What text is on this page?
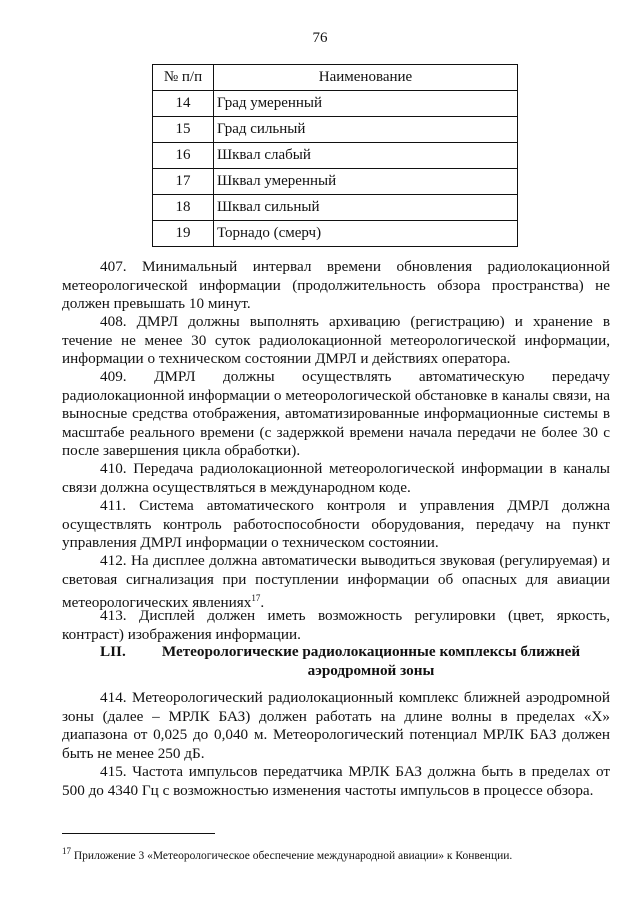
76
№ п/п	Наименование
14	Град умеренный
15	Град сильный
16	Шквал слабый
17	Шквал умеренный
18	Шквал сильный
19	Торнадо (смерч)

407. Минимальный интервал времени обновления радиолокационной метеорологической информации (продолжительность обзора пространства) не должен превышать 10 минут.

408. ДМРЛ должны выполнять архивацию (регистрацию) и хранение в течение не менее 30 суток радиолокационной метеорологической информации, информации о техническом состоянии ДМРЛ и действиях оператора.

409. ДМРЛ должны осуществлять автоматическую передачу радиолокационной информации о метеорологической обстановке в каналы связи, на выносные средства отображения, автоматизированные информационные системы в масштабе реального времени (с задержкой времени начала передачи не более 30 с после завершения цикла обработки).

410. Передача радиолокационной метеорологической информации в каналы связи должна осуществляться в международном коде.

411. Система автоматического контроля и управления ДМРЛ должна осуществлять контроль работоспособности оборудования, передачу на пункт управления ДМРЛ информации о техническом состоянии.

412. На дисплее должна автоматически выводиться звуковая (регулируемая) и световая сигнализация при поступлении информации об опасных для авиации метеорологических явлениях$^{17}$.

413. Дисплей должен иметь возможность регулировки (цвет, яркость, контраст) изображения информации.

LII.	Метеорологические радиолокационные комплексы ближней аэродромной зоны

414. Метеорологический радиолокационный комплекс ближней аэродромной зоны (далее – МРЛК БАЗ) должен работать на длине волны в пределах «Х» диапазона от 0,025 до 0,040 м. Метеорологический потенциал МРЛК БАЗ должен быть не менее 250 дБ.

415. Частота импульсов передатчика МРЛК БАЗ должна быть в пределах от 500 до 4340 Гц с возможностью изменения частоты импульсов в процессе обзора.

$^{17}$ Приложение 3 «Метеорологическое обеспечение международной авиации» к Конвенции.
